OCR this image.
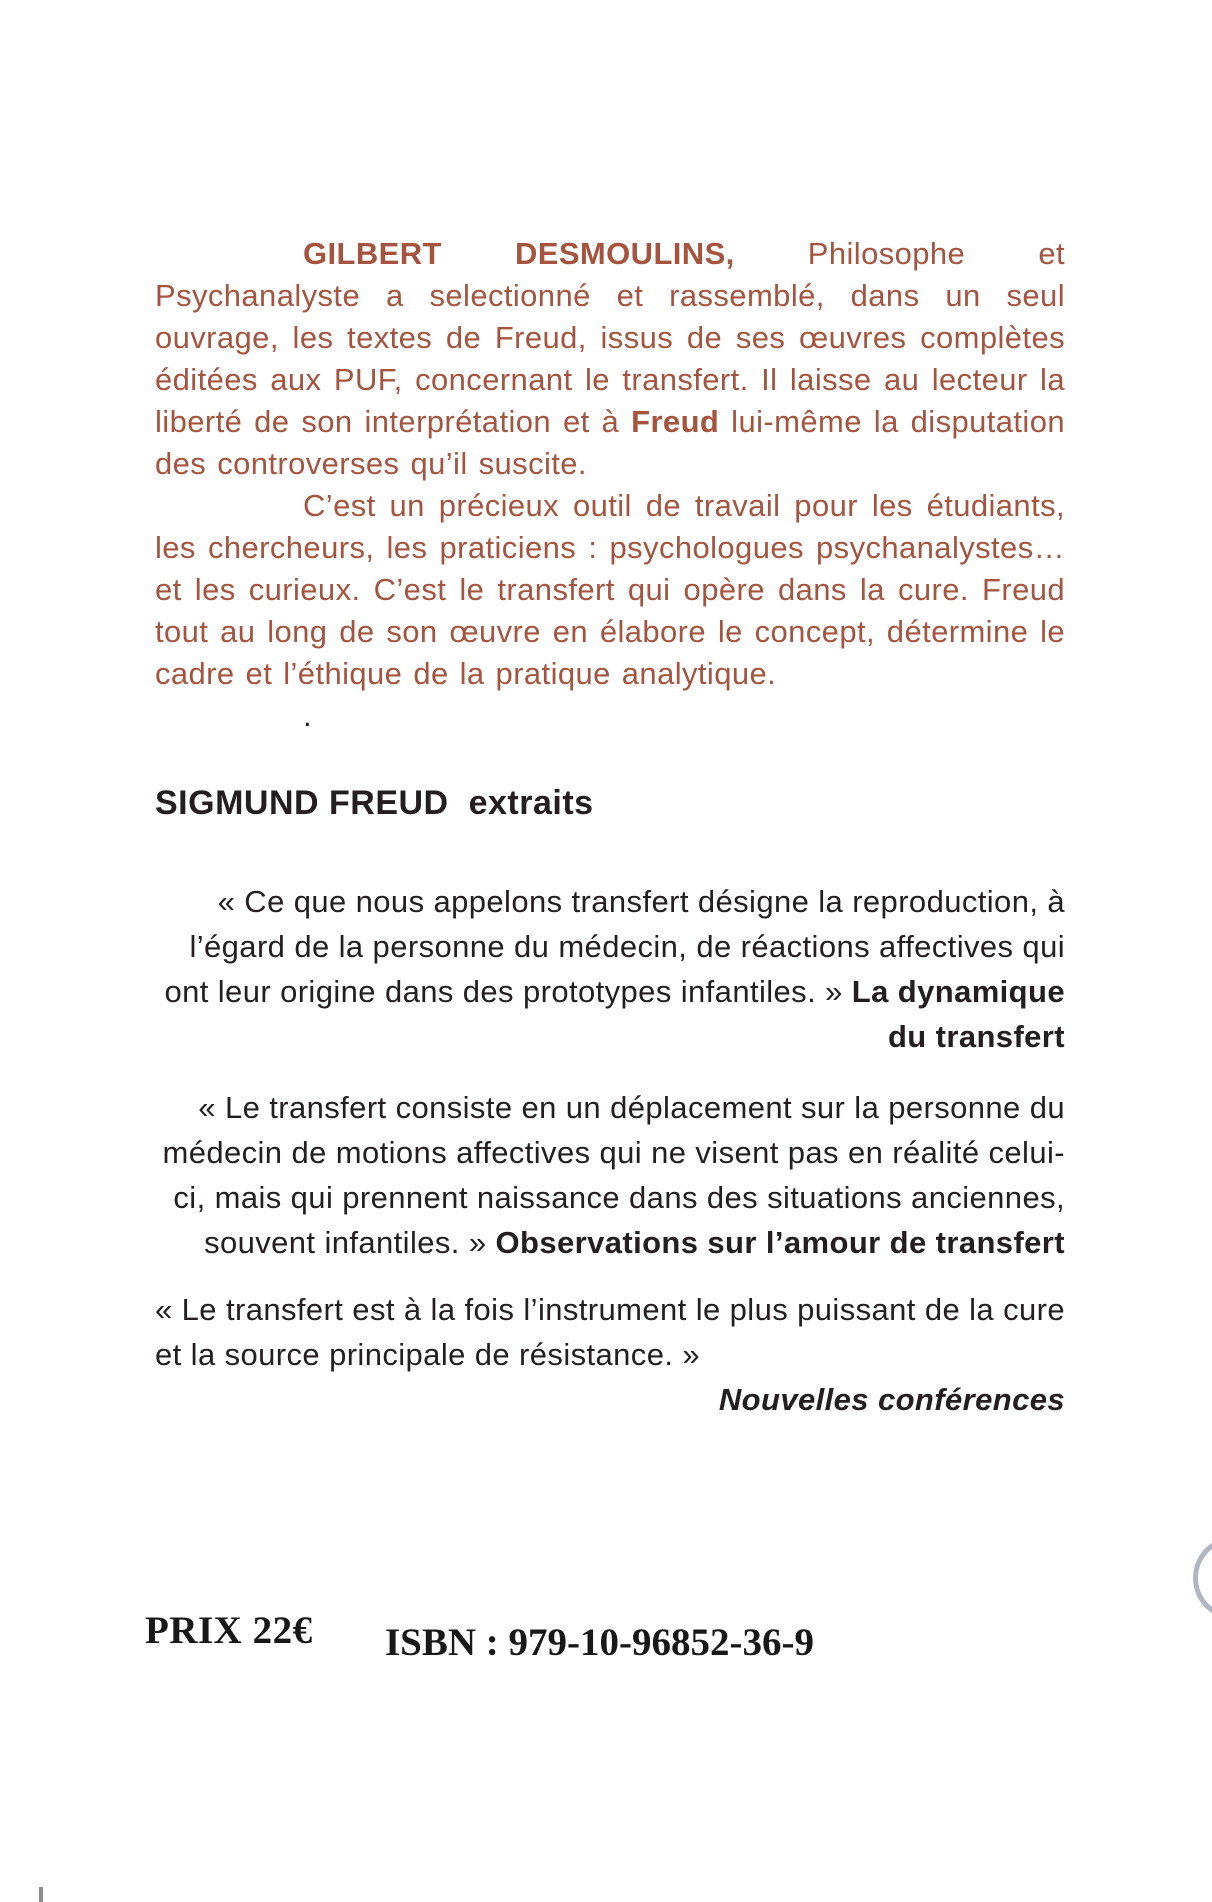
GILBERT DESMOULINS, Philosophe et Psychanalyste a selectionné et rassemblé, dans un seul ouvrage, les textes de Freud, issus de ses œuvres complètes éditées aux PUF, concernant le transfert. Il laisse au lecteur la liberté de son interprétation et à Freud lui-même la disputation des controverses qu’il suscite.

C’est un précieux outil de travail pour les étudiants, les chercheurs, les praticiens : psychologues psychanalystes… et les curieux. C’est le transfert qui opère dans la cure. Freud tout au long de son œuvre en élabore le concept, détermine le cadre et l’éthique de la pratique analytique.

.

SIGMUND FREUD extraits

« Ce que nous appelons transfert désigne la reproduction, à l’égard de la personne du médecin, de réactions affectives qui ont leur origine dans des prototypes infantiles. » La dynamique du transfert

« Le transfert consiste en un déplacement sur la personne du médecin de motions affectives qui ne visent pas en réalité celui-ci, mais qui prennent naissance dans des situations anciennes, souvent infantiles. » Observations sur l’amour de transfert

« Le transfert est à la fois l’instrument le plus puissant de la cure et la source principale de résistance. »

Nouvelles conférences

PRIX 22€ ISBN : 979-10-96852-36-9
